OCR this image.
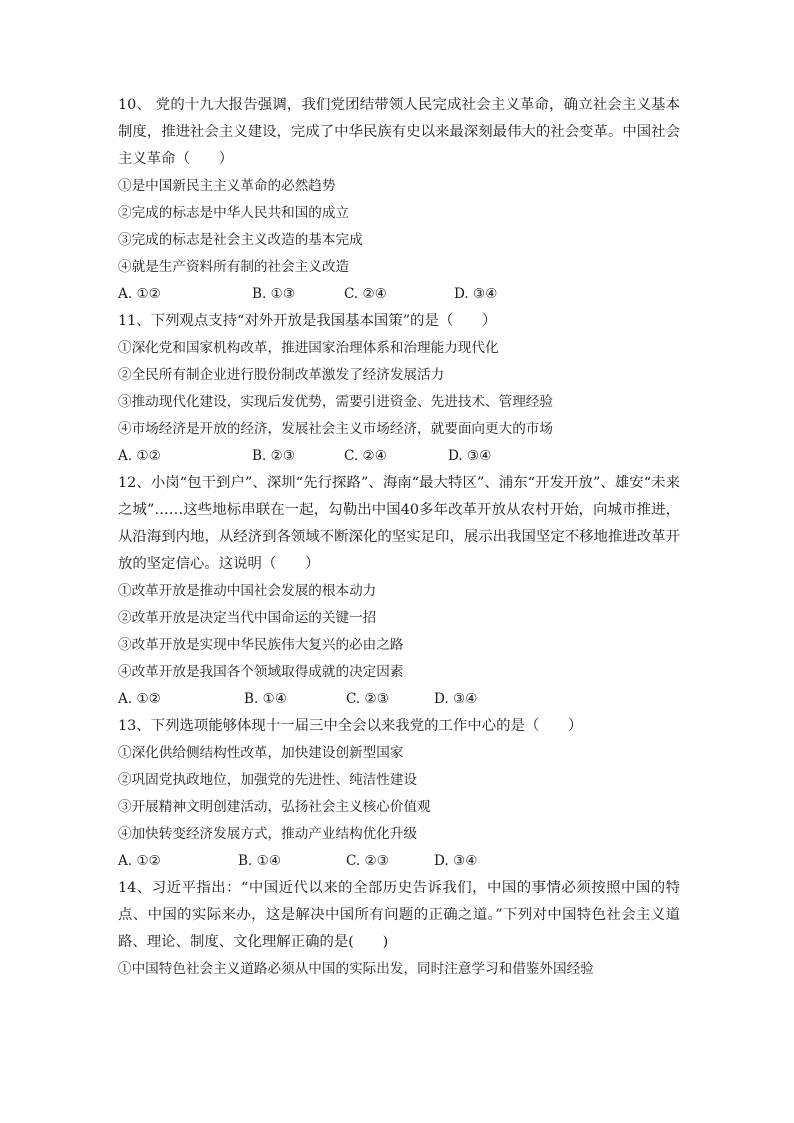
10、 党的十九大报告强调，我们党团结带领人民完成社会主义革命，确立社会主义基本制度，推进社会主义建设，完成了中华民族有史以来最深刻最伟大的社会变革。中国社会主义革命（　　）

①是中国新民主主义革命的必然趋势

②完成的标志是中华人民共和国的成立

③完成的标志是社会主义改造的基本完成

④就是生产资料所有制的社会主义改造

A. ①②	B. ①③	C. ②④	D. ③④

11、下列观点支持“对外开放是我国基本国策”的是（　　）

①深化党和国家机构改革，推进国家治理体系和治理能力现代化

②全民所有制企业进行股份制改革激发了经济发展活力

③推动现代化建设，实现后发优势，需要引进资金、先进技术、管理经验

④市场经济是开放的经济，发展社会主义市场经济，就要面向更大的市场

A. ①②	B. ②③	C. ②④	D. ③④

12、小岗“包干到户”、深圳“先行探路”、海南“最大特区”、浦东“开发开放”、雄安“未来之城”……这些地标串联在一起，勾勒出中国40多年改革开放从农村开始，向城市推进，从沿海到内地，从经济到各领域不断深化的坚实足印，展示出我国坚定不移地推进改革开放的坚定信心。这说明（　　）

①改革开放是推动中国社会发展的根本动力

②改革开放是决定当代中国命运的关键一招

③改革开放是实现中华民族伟大复兴的必由之路

④改革开放是我国各个领域取得成就的决定因素

A. ①②	B. ①④	C. ②③	D. ③④

13、下列选项能够体现十一届三中全会以来我党的工作中心的是（　　）

①深化供给侧结构性改革，加快建设创新型国家

②巩固党执政地位，加强党的先进性、纯洁性建设

③开展精神文明创建活动，弘扬社会主义核心价值观

④加快转变经济发展方式，推动产业结构优化升级

A. ①②	B. ①④	C. ②③	D. ③④

14、习近平指出：“中国近代以来的全部历史告诉我们，中国的事情必须按照中国的特点、中国的实际来办，这是解决中国所有问题的正确之道。”下列对中国特色社会主义道路、理论、制度、文化理解正确的是(　　)

①中国特色社会主义道路必须从中国的实际出发，同时注意学习和借鉴外国经验
